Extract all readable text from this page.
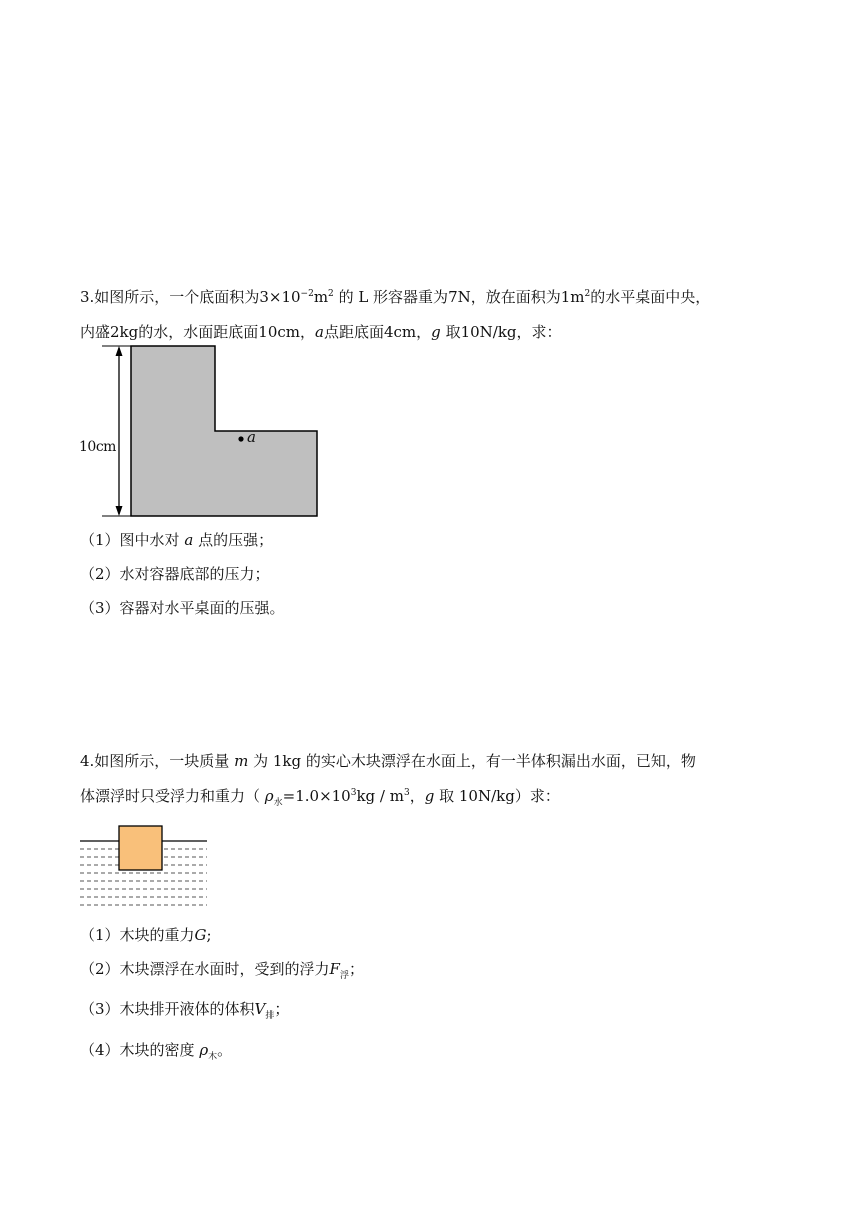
3.如图所示，一个底面积为$3\times 10^{-2}m^2$ 的 L 形容器重为7N，放在面积为$1m^2$的水平桌面中央，
内盛2kg的水，水面距底面10cm，a点距底面4cm，g 取10N/kg，求：
10cm
a
（1）图中水对 a 点的压强；
（2）水对容器底部的压力；
（3）容器对水平桌面的压强。
4.如图所示，一块质量 m 为 1kg 的实心木块漂浮在水面上，有一半体积漏出水面，已知，物
体漂浮时只受浮力和重力（ $\rho_水=1.0\times 10^3kg / m^3$，g 取 10N/kg）求：
（1）木块的重力G;
（2）木块漂浮在水面时，受到的浮力$F_浮$；
（3）木块排开液体的体积$V_排$；
（4）木块的密度 $\rho_木$。
